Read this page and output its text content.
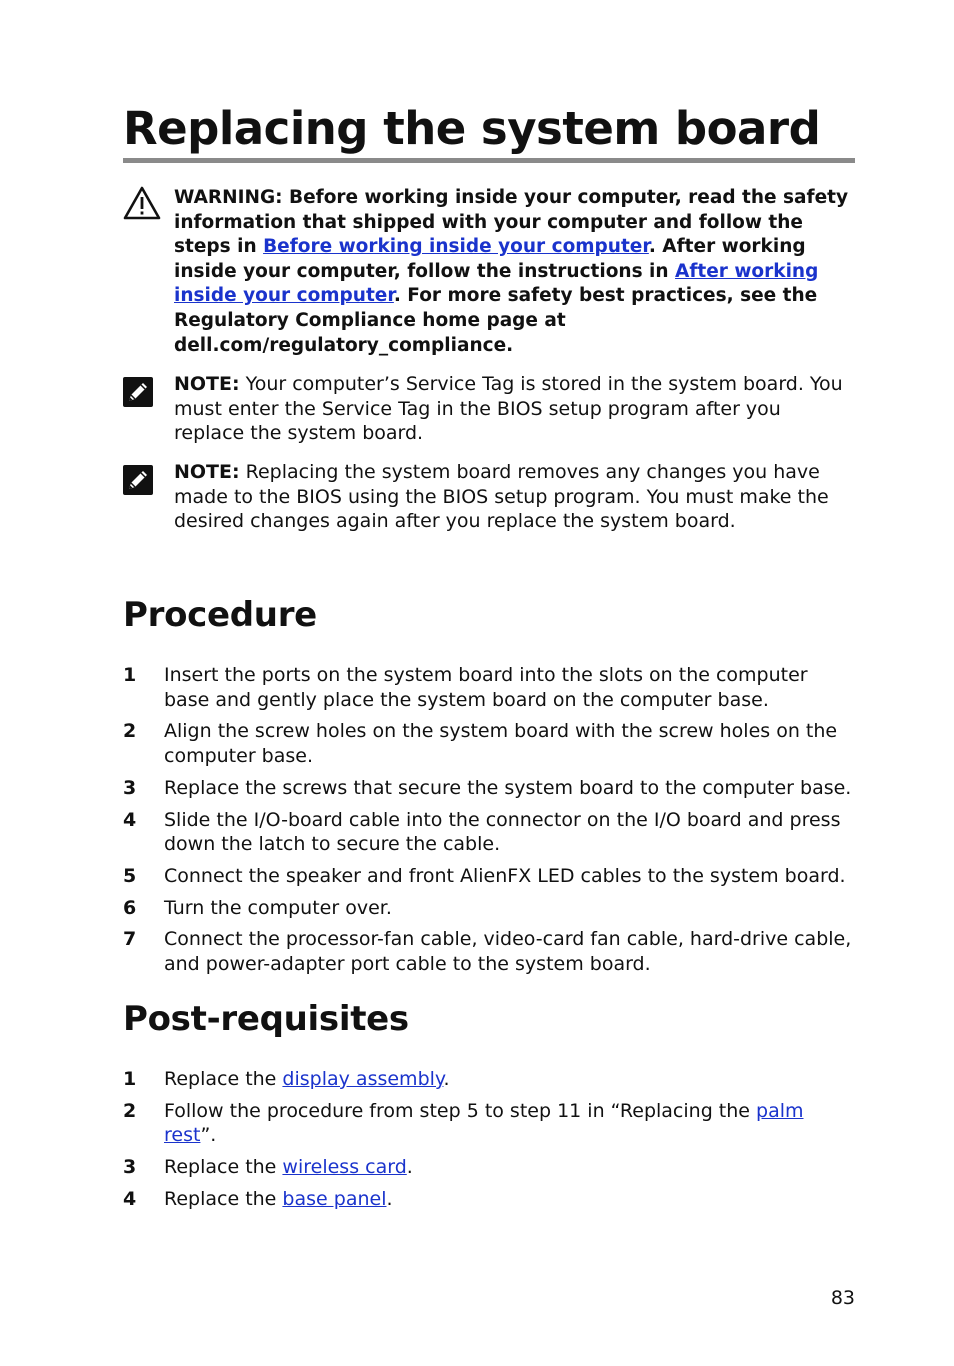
Replacing the system board
WARNING: Before working inside your computer, read the safety information that shipped with your computer and follow the steps in Before working inside your computer. After working inside your computer, follow the instructions in After working inside your computer. For more safety best practices, see the Regulatory Compliance home page at dell.com/regulatory_compliance.
NOTE: Your computer’s Service Tag is stored in the system board. You must enter the Service Tag in the BIOS setup program after you replace the system board.
NOTE: Replacing the system board removes any changes you have made to the BIOS using the BIOS setup program. You must make the desired changes again after you replace the system board.
Procedure
1 Insert the ports on the system board into the slots on the computer base and gently place the system board on the computer base.
2 Align the screw holes on the system board with the screw holes on the computer base.
3 Replace the screws that secure the system board to the computer base.
4 Slide the I/O-board cable into the connector on the I/O board and press down the latch to secure the cable.
5 Connect the speaker and front AlienFX LED cables to the system board.
6 Turn the computer over.
7 Connect the processor-fan cable, video-card fan cable, hard-drive cable, and power-adapter port cable to the system board.
Post-requisites
1 Replace the display assembly.
2 Follow the procedure from step 5 to step 11 in “Replacing the palm rest”.
3 Replace the wireless card.
4 Replace the base panel.
83
